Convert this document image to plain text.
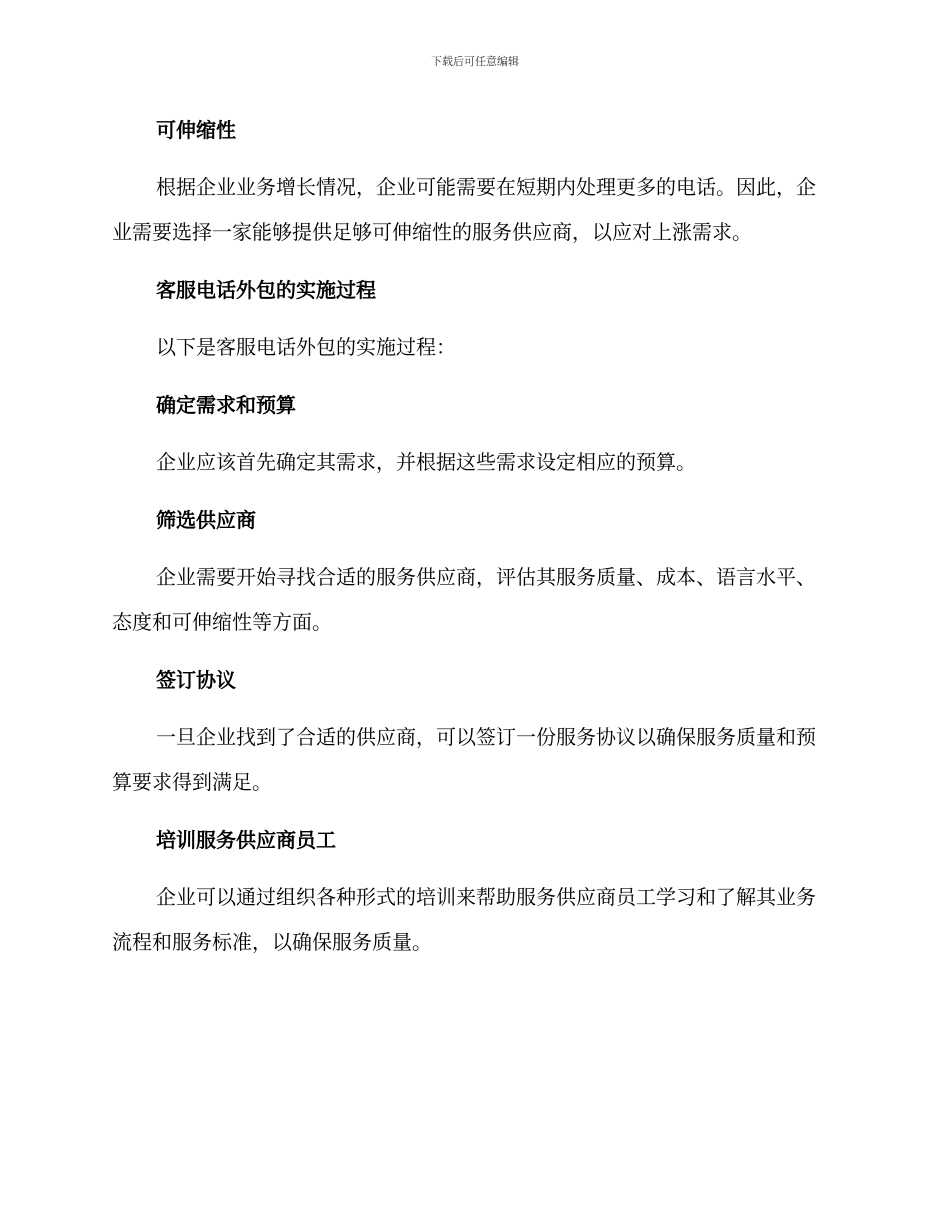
下载后可任意编辑

可伸缩性

根据企业业务增长情况，企业可能需要在短期内处理更多的电话。因此，企业需要选择一家能够提供足够可伸缩性的服务供应商，以应对上涨需求。

客服电话外包的实施过程

以下是客服电话外包的实施过程：

确定需求和预算

企业应该首先确定其需求，并根据这些需求设定相应的预算。

筛选供应商

企业需要开始寻找合适的服务供应商，评估其服务质量、成本、语言水平、态度和可伸缩性等方面。

签订协议

一旦企业找到了合适的供应商，可以签订一份服务协议以确保服务质量和预算要求得到满足。

培训服务供应商员工

企业可以通过组织各种形式的培训来帮助服务供应商员工学习和了解其业务流程和服务标准，以确保服务质量。
